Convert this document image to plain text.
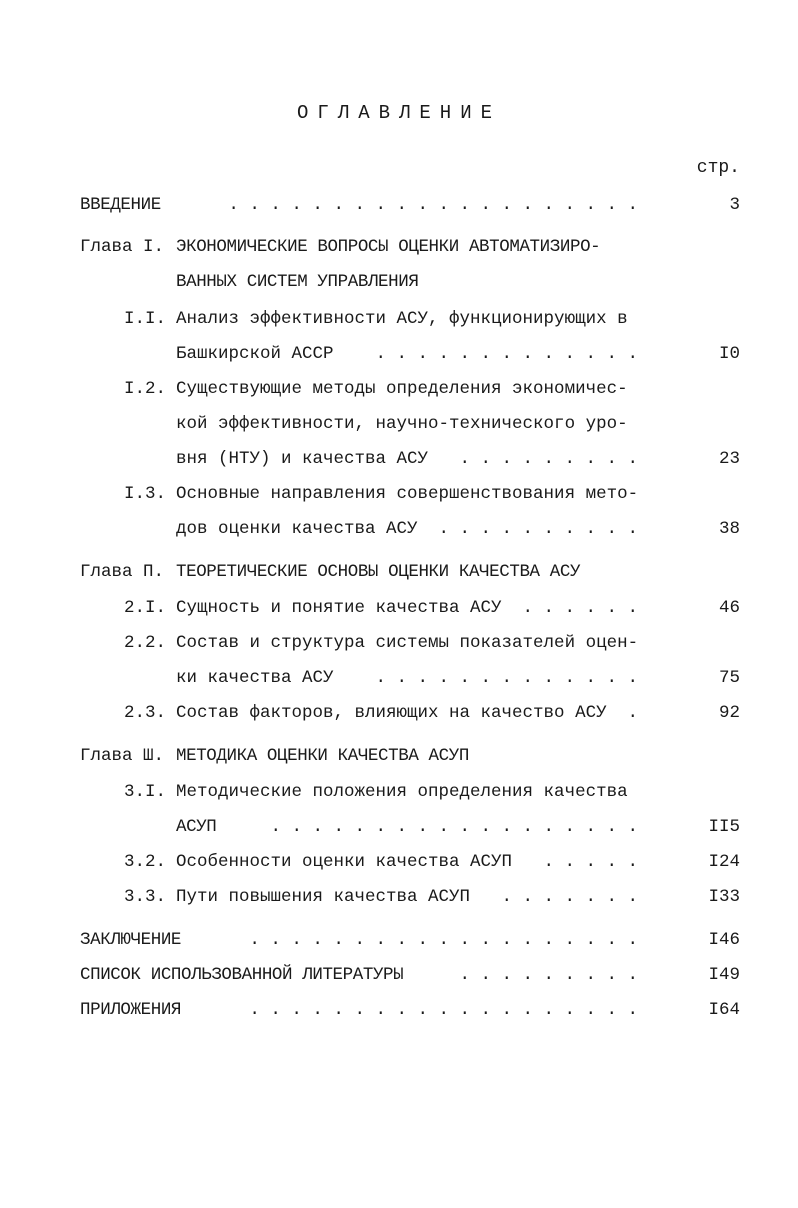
ОГЛАВЛЕНИЕ
стр.
ВВЕДЕНИЕ	. . . . . . . . . . . . . . . . . . . .	3
Глава I. ЭКОНОМИЧЕСКИЕ ВОПРОСЫ ОЦЕНКИ АВТОМАТИЗИРО-
ВАННЫХ СИСТЕМ УПРАВЛЕНИЯ
I.I. Анализ эффективности АСУ, функционирующих в
Башкирской АССР . . . . . . . . . . . . .	I0
I.2. Существующие методы определения экономичес-
кой эффективности, научно-технического уро-
вня (НТУ) и качества АСУ . . . . . . . . .	23
I.3. Основные направления совершенствования мето-
дов оценки качества АСУ . . . . . . . . . .	38
Глава П. ТЕОРЕТИЧЕСКИЕ ОСНОВЫ ОЦЕНКИ КАЧЕСТВА АСУ
2.I. Сущность и понятие качества АСУ . . . . . .	46
2.2. Состав и структура системы показателей оцен-
ки качества АСУ . . . . . . . . . . . . .	75
2.3. Состав факторов, влияющих на качество АСУ .	92
Глава Ш. МЕТОДИКА ОЦЕНКИ КАЧЕСТВА АСУП
3.I. Методические положения определения качества
АСУП	. . . . . . . . . . . . . . . . . .	II5
3.2. Особенности оценки качества АСУП . . . . .	I24
3.3. Пути повышения качества АСУП . . . . . . .	I33
ЗАКЛЮЧЕНИЕ	. . . . . . . . . . . . . . . . . . .	I46
СПИСОК ИСПОЛЬЗОВАННОЙ ЛИТЕРАТУРЫ	. . . . . . . . .	I49
ПРИЛОЖЕНИЯ	. . . . . . . . . . . . . . . . . . .	I64
